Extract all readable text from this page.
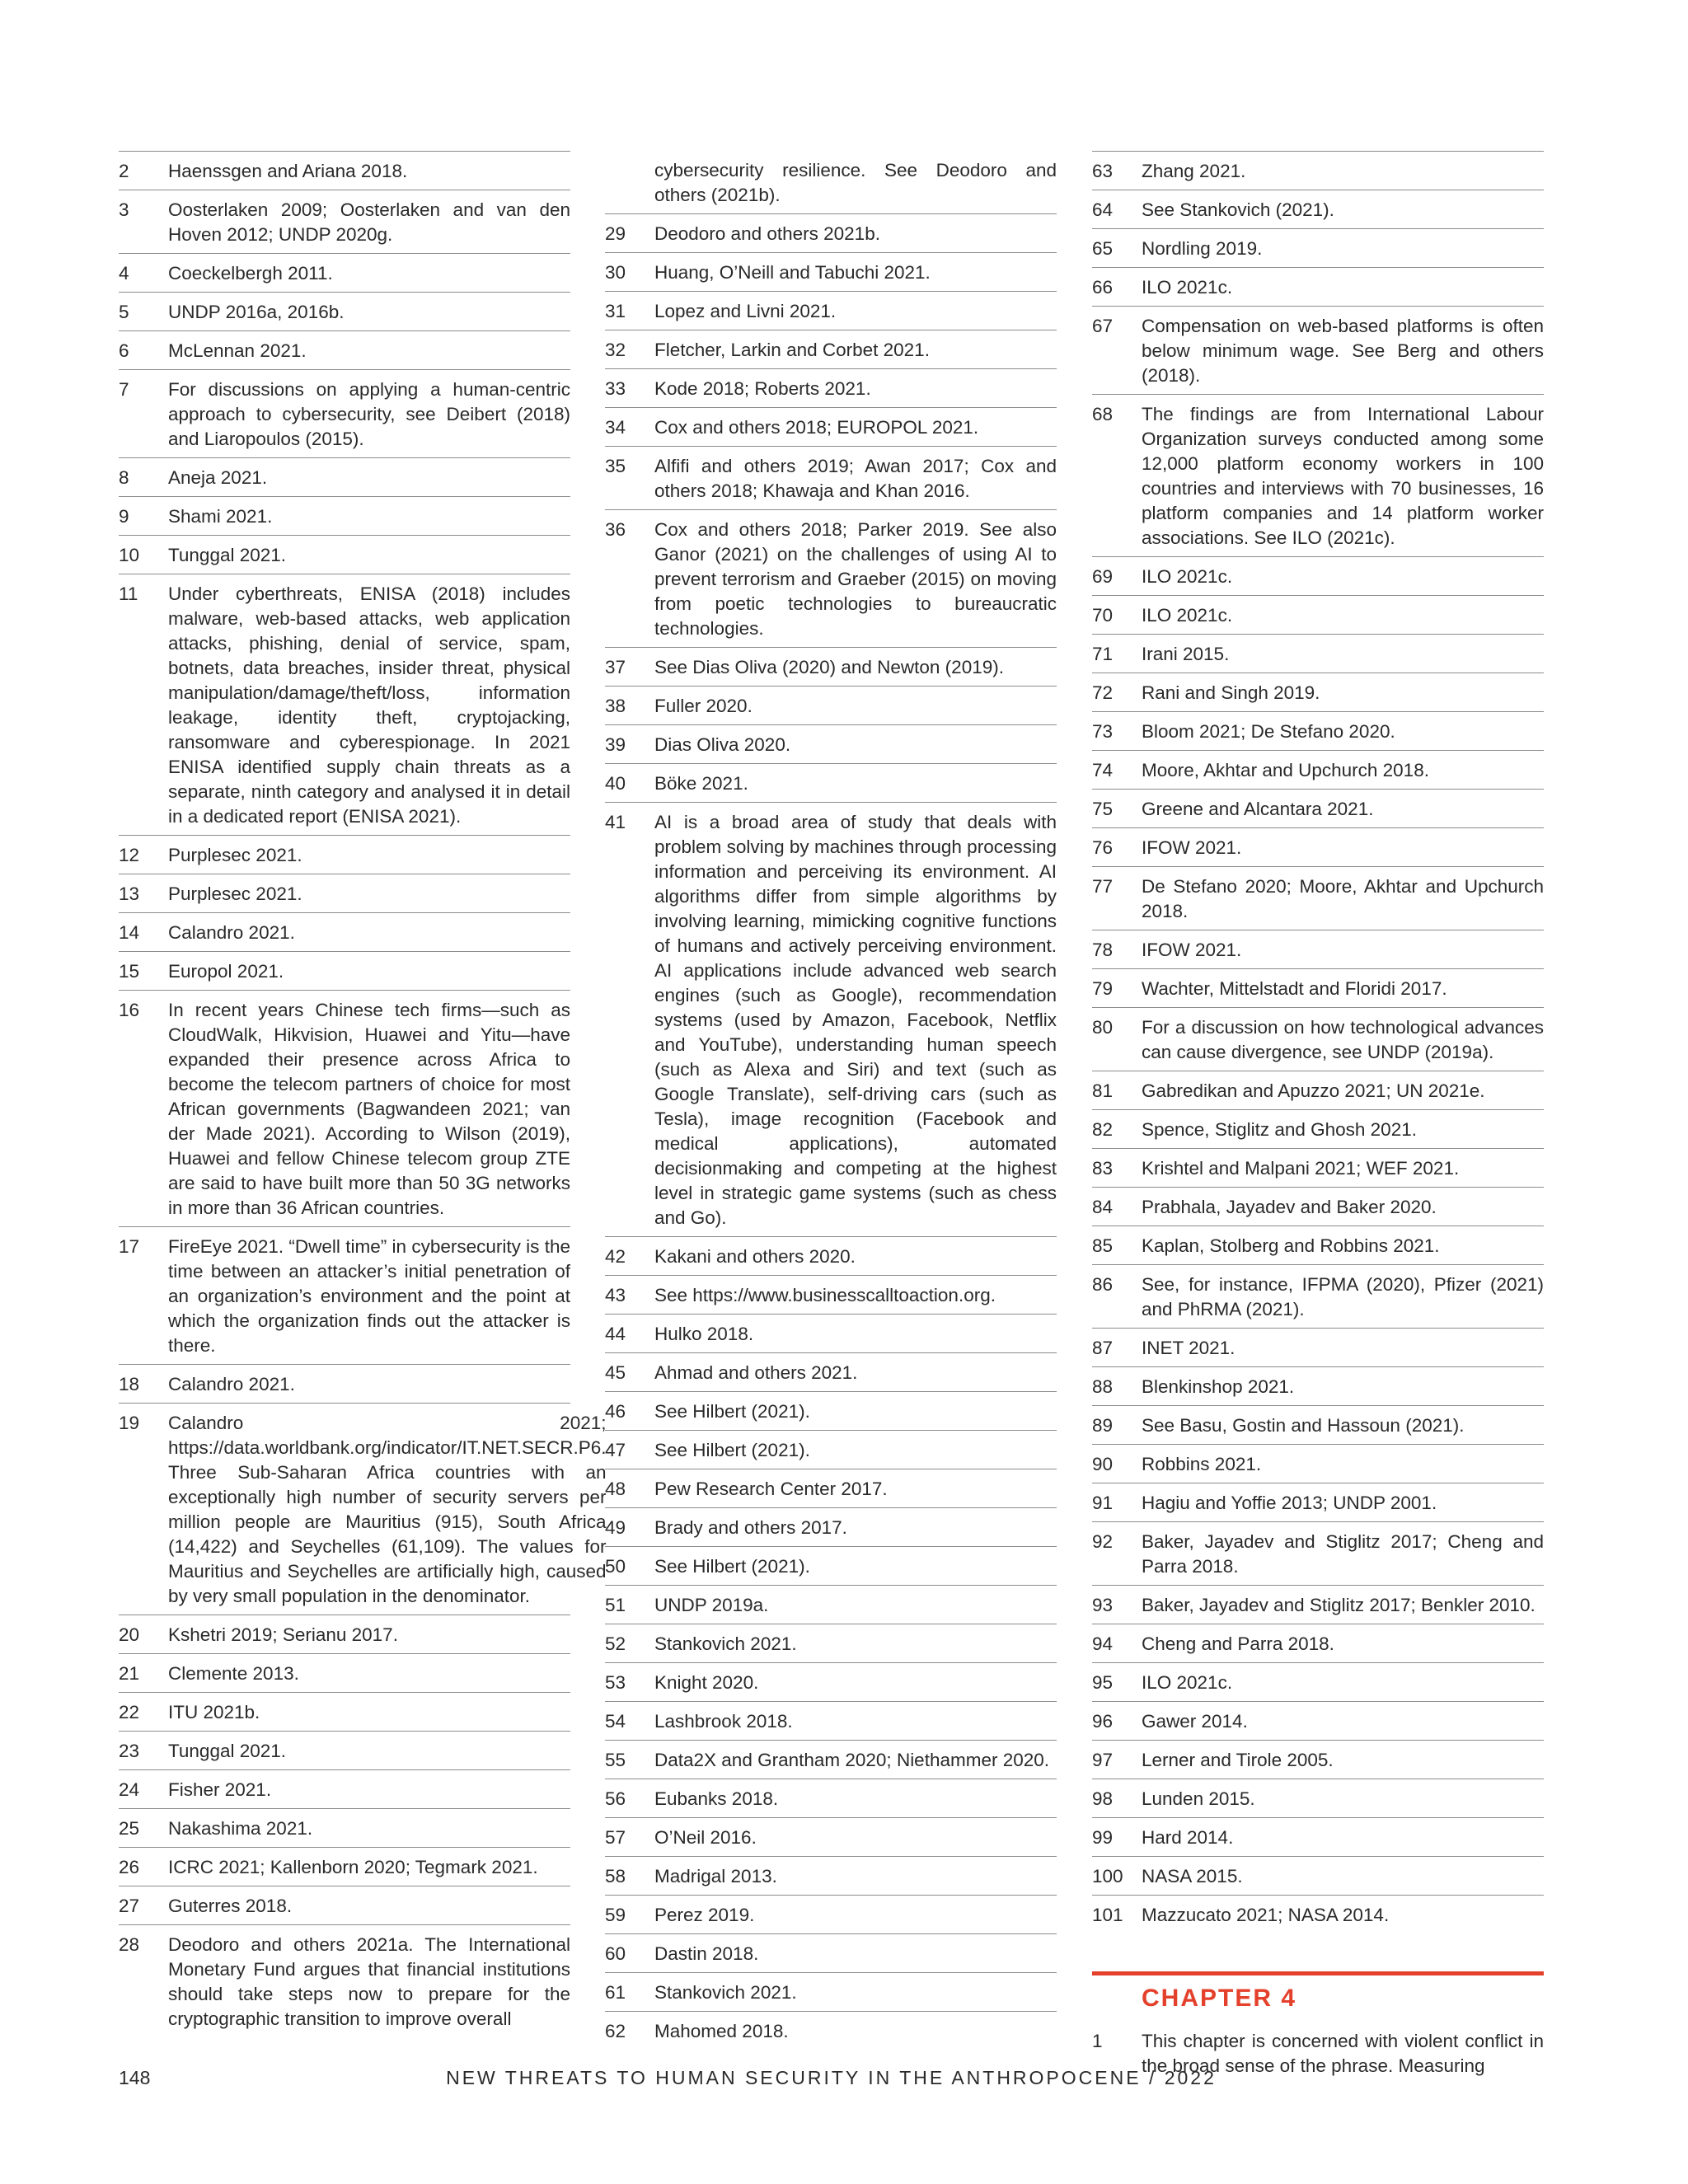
2	Haenssgen and Ariana 2018.
3	Oosterlaken 2009; Oosterlaken and van den Hoven 2012; UNDP 2020g.
4	Coeckelbergh 2011.
5	UNDP 2016a, 2016b.
6	McLennan 2021.
7	For discussions on applying a human-centric approach to cybersecurity, see Deibert (2018) and Liaropoulos (2015).
8	Aneja 2021.
9	Shami 2021.
10	Tunggal 2021.
11	Under cyberthreats, ENISA (2018) includes malware, web-based attacks, web application attacks, phishing, denial of service, spam, botnets, data breaches, insider threat, physical manipulation/damage/theft/loss, information leakage, identity theft, cryptojacking, ransomware and cyberespionage. In 2021 ENISA identified supply chain threats as a separate, ninth category and analysed it in detail in a dedicated report (ENISA 2021).
12	Purplesec 2021.
13	Purplesec 2021.
14	Calandro 2021.
15	Europol 2021.
16	In recent years Chinese tech firms—such as CloudWalk, Hikvision, Huawei and Yitu—have expanded their presence across Africa to become the telecom partners of choice for most African governments (Bagwandeen 2021; van der Made 2021). According to Wilson (2019), Huawei and fellow Chinese telecom group ZTE are said to have built more than 50 3G networks in more than 36 African countries.
17	FireEye 2021. “Dwell time” in cybersecurity is the time between an attacker’s initial penetration of an organization’s environment and the point at which the organization finds out the attacker is there.
18	Calandro 2021.
19	Calandro 2021; https://data.worldbank.org/indicator/IT.NET.SECR.P6. Three Sub-Saharan Africa countries with an exceptionally high number of security servers per million people are Mauritius (915), South Africa (14,422) and Seychelles (61,109). The values for Mauritius and Seychelles are artificially high, caused by very small population in the denominator.
20	Kshetri 2019; Serianu 2017.
21	Clemente 2013.
22	ITU 2021b.
23	Tunggal 2021.
24	Fisher 2021.
25	Nakashima 2021.
26	ICRC 2021; Kallenborn 2020; Tegmark 2021.
27	Guterres 2018.
28	Deodoro and others 2021a. The International Monetary Fund argues that financial institutions should take steps now to prepare for the cryptographic transition to improve overall
cybersecurity resilience. See Deodoro and others (2021b).
29	Deodoro and others 2021b.
30	Huang, O’Neill and Tabuchi 2021.
31	Lopez and Livni 2021.
32	Fletcher, Larkin and Corbet 2021.
33	Kode 2018; Roberts 2021.
34	Cox and others 2018; EUROPOL 2021.
35	Alfifi and others 2019; Awan 2017; Cox and others 2018; Khawaja and Khan 2016.
36	Cox and others 2018; Parker 2019. See also Ganor (2021) on the challenges of using AI to prevent terrorism and Graeber (2015) on moving from poetic technologies to bureaucratic technologies.
37	See Dias Oliva (2020) and Newton (2019).
38	Fuller 2020.
39	Dias Oliva 2020.
40	Böke 2021.
41	AI is a broad area of study that deals with problem solving by machines through processing information and perceiving its environment. AI algorithms differ from simple algorithms by involving learning, mimicking cognitive functions of humans and actively perceiving environment. AI applications include advanced web search engines (such as Google), recommendation systems (used by Amazon, Facebook, Netflix and YouTube), understanding human speech (such as Alexa and Siri) and text (such as Google Translate), self-driving cars (such as Tesla), image recognition (Facebook and medical applications), automated decisionmaking and competing at the highest level in strategic game systems (such as chess and Go).
42	Kakani and others 2020.
43	See https://www.businesscalltoaction.org.
44	Hulko 2018.
45	Ahmad and others 2021.
46	See Hilbert (2021).
47	See Hilbert (2021).
48	Pew Research Center 2017.
49	Brady and others 2017.
50	See Hilbert (2021).
51	UNDP 2019a.
52	Stankovich 2021.
53	Knight 2020.
54	Lashbrook 2018.
55	Data2X and Grantham 2020; Niethammer 2020.
56	Eubanks 2018.
57	O’Neil 2016.
58	Madrigal 2013.
59	Perez 2019.
60	Dastin 2018.
61	Stankovich 2021.
62	Mahomed 2018.
63	Zhang 2021.
64	See Stankovich (2021).
65	Nordling 2019.
66	ILO 2021c.
67	Compensation on web-based platforms is often below minimum wage. See Berg and others (2018).
68	The findings are from International Labour Organization surveys conducted among some 12,000 platform economy workers in 100 countries and interviews with 70 businesses, 16 platform companies and 14 platform worker associations. See ILO (2021c).
69	ILO 2021c.
70	ILO 2021c.
71	Irani 2015.
72	Rani and Singh 2019.
73	Bloom 2021; De Stefano 2020.
74	Moore, Akhtar and Upchurch 2018.
75	Greene and Alcantara 2021.
76	IFOW 2021.
77	De Stefano 2020; Moore, Akhtar and Upchurch 2018.
78	IFOW 2021.
79	Wachter, Mittelstadt and Floridi 2017.
80	For a discussion on how technological advances can cause divergence, see UNDP (2019a).
81	Gabredikan and Apuzzo 2021; UN 2021e.
82	Spence, Stiglitz and Ghosh 2021.
83	Krishtel and Malpani 2021; WEF 2021.
84	Prabhala, Jayadev and Baker 2020.
85	Kaplan, Stolberg and Robbins 2021.
86	See, for instance, IFPMA (2020), Pfizer (2021) and PhRMA (2021).
87	INET 2021.
88	Blenkinshop 2021.
89	See Basu, Gostin and Hassoun (2021).
90	Robbins 2021.
91	Hagiu and Yoffie 2013; UNDP 2001.
92	Baker, Jayadev and Stiglitz 2017; Cheng and Parra 2018.
93	Baker, Jayadev and Stiglitz 2017; Benkler 2010.
94	Cheng and Parra 2018.
95	ILO 2021c.
96	Gawer 2014.
97	Lerner and Tirole 2005.
98	Lunden 2015.
99	Hard 2014.
100 NASA 2015.
101 Mazzucato 2021; NASA 2014.
CHAPTER 4
1	This chapter is concerned with violent conflict in the broad sense of the phrase. Measuring
148	NEW THREATS TO HUMAN SECURITY IN THE ANTHROPOCENE / 2022
